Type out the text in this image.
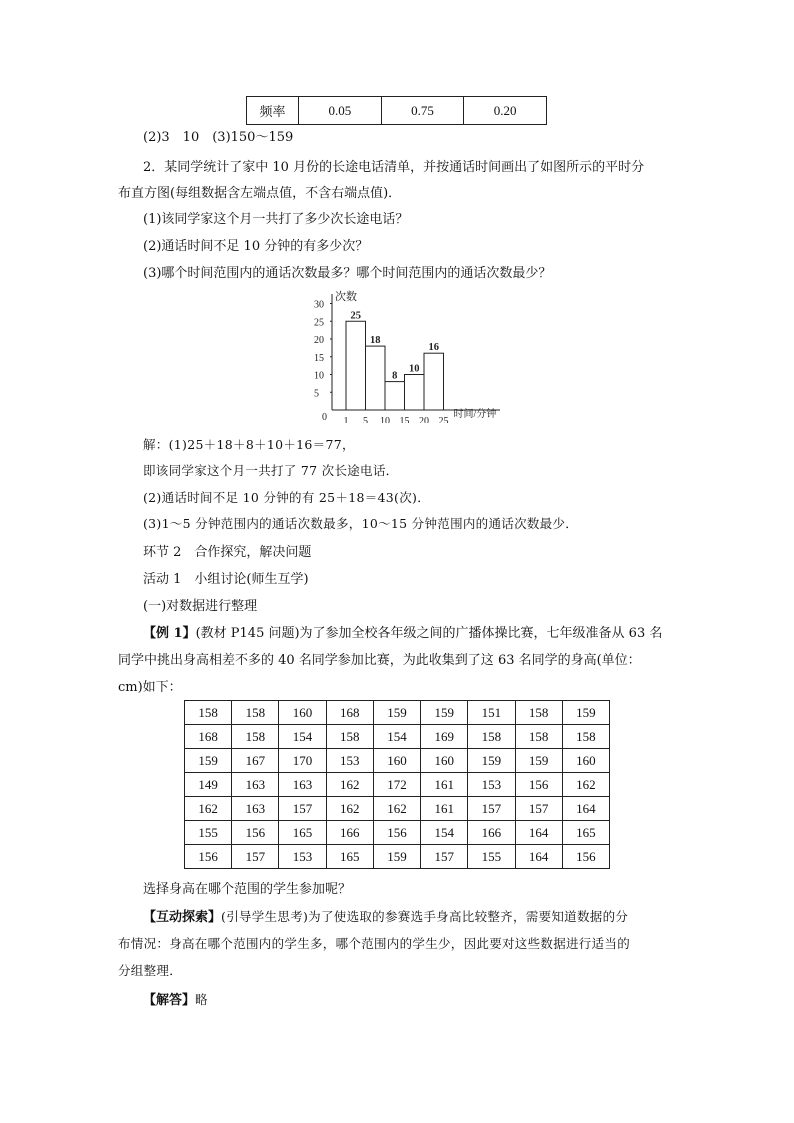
频率	0.05	0.75	0.20
(2)3　10　(3)150～159
2．某同学统计了家中 10 月份的长途电话清单，并按通话时间画出了如图所示的平时分
布直方图(每组数据含左端点值，不含右端点值)．
(1)该同学家这个月一共打了多少次长途电话？
(2)通话时间不足 10 分钟的有多少次？
(3)哪个时间范围内的通话次数最多？哪个时间范围内的通话次数最少？
次数
时间/分钟
0
5
10
15
20
25
30
1 5 10 15 20 25
25
18
8
10
16
解：(1)25＋18＋8＋10＋16＝77，
即该同学家这个月一共打了 77 次长途电话．
(2)通话时间不足 10 分钟的有 25＋18＝43(次)．
(3)1～5 分钟范围内的通话次数最多，10～15 分钟范围内的通话次数最少．
环节 2　合作探究，解决问题
活动 1　小组讨论(师生互学)
(一)对数据进行整理
【例 1】(教材 P145 问题)为了参加全校各年级之间的广播体操比赛，七年级准备从 63 名
同学中挑出身高相差不多的 40 名同学参加比赛，为此收集到了这 63 名同学的身高(单位：
cm)如下：
158	158	160	168	159	159	151	158	159
168	158	154	158	154	169	158	158	158
159	167	170	153	160	160	159	159	160
149	163	163	162	172	161	153	156	162
162	163	157	162	162	161	157	157	164
155	156	165	166	156	154	166	164	165
156	157	153	165	159	157	155	164	156
选择身高在哪个范围的学生参加呢？
【互动探索】(引导学生思考)为了使选取的参赛选手身高比较整齐，需要知道数据的分
布情况：身高在哪个范围内的学生多，哪个范围内的学生少，因此要对这些数据进行适当的
分组整理．
【解答】略
